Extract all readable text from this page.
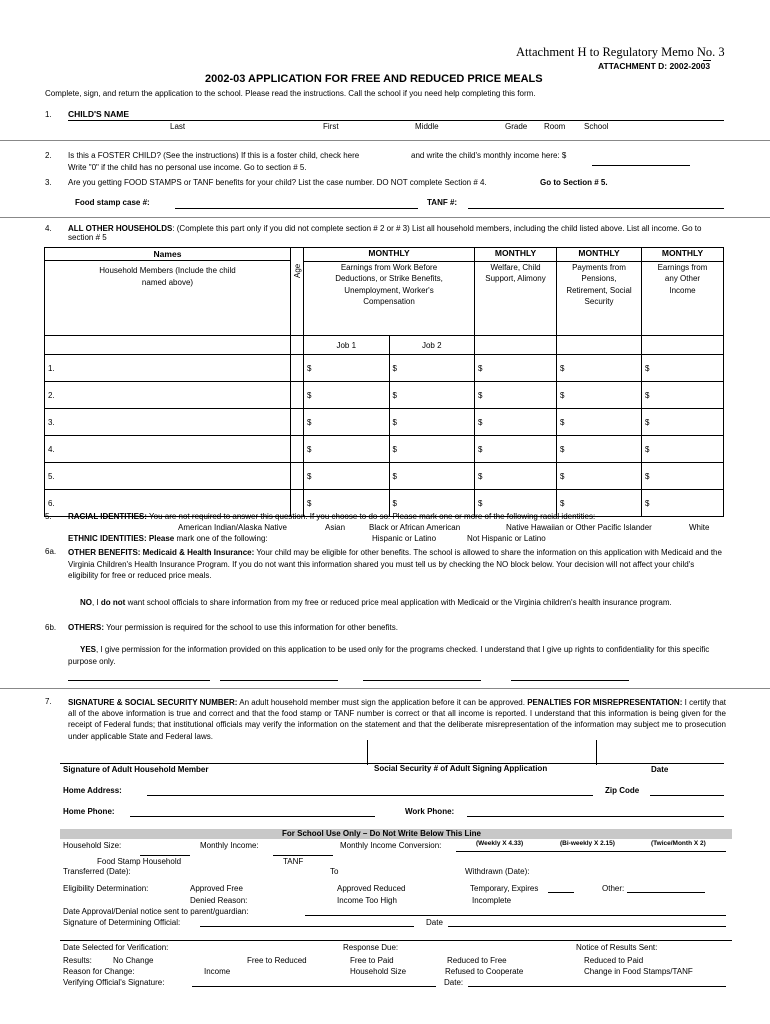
Attachment H to Regulatory Memo No. 3
ATTACHMENT D: 2002-2003
2002-03 APPLICATION FOR FREE AND REDUCED PRICE MEALS
Complete, sign, and return the application to the school. Please read the instructions. Call the school if you need help completing this form.
1. CHILD'S NAME
Last	First	Middle	Grade Room School
2. Is this a FOSTER CHILD? (See the instructions) If this is a foster child, check here	and write the child's monthly income here: $
Write "0" if the child has no personal use income. Go to section # 5.
3. Are you getting FOOD STAMPS or TANF benefits for your child? List the case number. DO NOT complete Section # 4.	Go to Section # 5.
Food stamp case #:	TANF #:
4. ALL OTHER HOUSEHOLDS: (Complete this part only if you did not complete section # 2 or # 3) List all household members, including the child listed above. List all income. Go to section # 5
Names	Age	MONTHLY		MONTHLY	MONTHLY	MONTHLY

Household Members (Include the child named above)		Earnings from Work Before Deductions, or Strike Benefits, Unemployment, Worker's Compensation		Welfare, Child Support, Alimony	Payments from Pensions, Retirement, Social Security	Earnings from any Other Income

		Job 1	Job 2			
1.		$	$	$	$	$
2.		$	$	$	$	$
3.		$	$	$	$	$
4.		$	$	$	$	$
5.		$	$	$	$	$
6.		$	$	$	$	$
5. RACIAL IDENTITIES: You are not required to answer this question. If you choose to do so: Please mark one or more of the following racial identities:
American Indian/Alaska Native	Asian	Black or African American	Native Hawaiian or Other Pacific Islander	White
ETHNIC IDENTITIES: Please mark one of the following:	Hispanic or Latino	Not Hispanic or Latino
6a. OTHER BENEFITS: Medicaid & Health Insurance: Your child may be eligible for other benefits. The school is allowed to share the information on this application with Medicaid and the Virginia Children's Health Insurance Program. If you do not want this information shared you must tell us by checking the NO block below. Your decision will not affect your child's eligibility for free or reduced price meals.
NO, I do not want school officials to share information from my free or reduced price meal application with Medicaid or the Virginia children's health insurance program.
6b. OTHERS: Your permission is required for the school to use this information for other benefits.
YES, I give permission for the information provided on this application to be used only for the programs checked. I understand that I give up rights to confidentiality for this specific purpose only.
7. SIGNATURE & SOCIAL SECURITY NUMBER: An adult household member must sign the application before it can be approved. PENALTIES FOR MISREPRESENTATION: I certify that all of the above information is true and correct and that the food stamp or TANF number is correct or that all income is reported. I understand that this information is being given for the receipt of Federal funds; that institutional officials may verify the information on the statement and that the deliberate misrepresentation of the information may subject me to prosecution under applicable State and Federal laws.
Signature of Adult Household Member	Social Security # of Adult Signing Application	Date
Home Address:	Zip Code
Home Phone:	Work Phone:
For School Use Only – Do Not Write Below This Line
Household Size:	Monthly Income:	Monthly Income Conversion:	(Weekly X 4.33)	(Bi-weekly X 2.15)	(Twice/Month X 2)
Food Stamp Household	TANF
Transferred (Date):	To	Withdrawn (Date):
Eligibility Determination:	Approved Free	Approved Reduced	Temporary, Expires	Other:
Denied Reason:	Income Too High	Incomplete
Date Approval/Denial notice sent to parent/guardian:
Signature of Determining Official:	Date
Date Selected for Verification:	Response Due:	Notice of Results Sent:
Results:	No Change	Free to Reduced	Free to Paid	Reduced to Free	Reduced to Paid
Reason for Change:	Income	Household Size	Refused to Cooperate	Change in Food Stamps/TANF
Verifying Official's Signature:	Date:
